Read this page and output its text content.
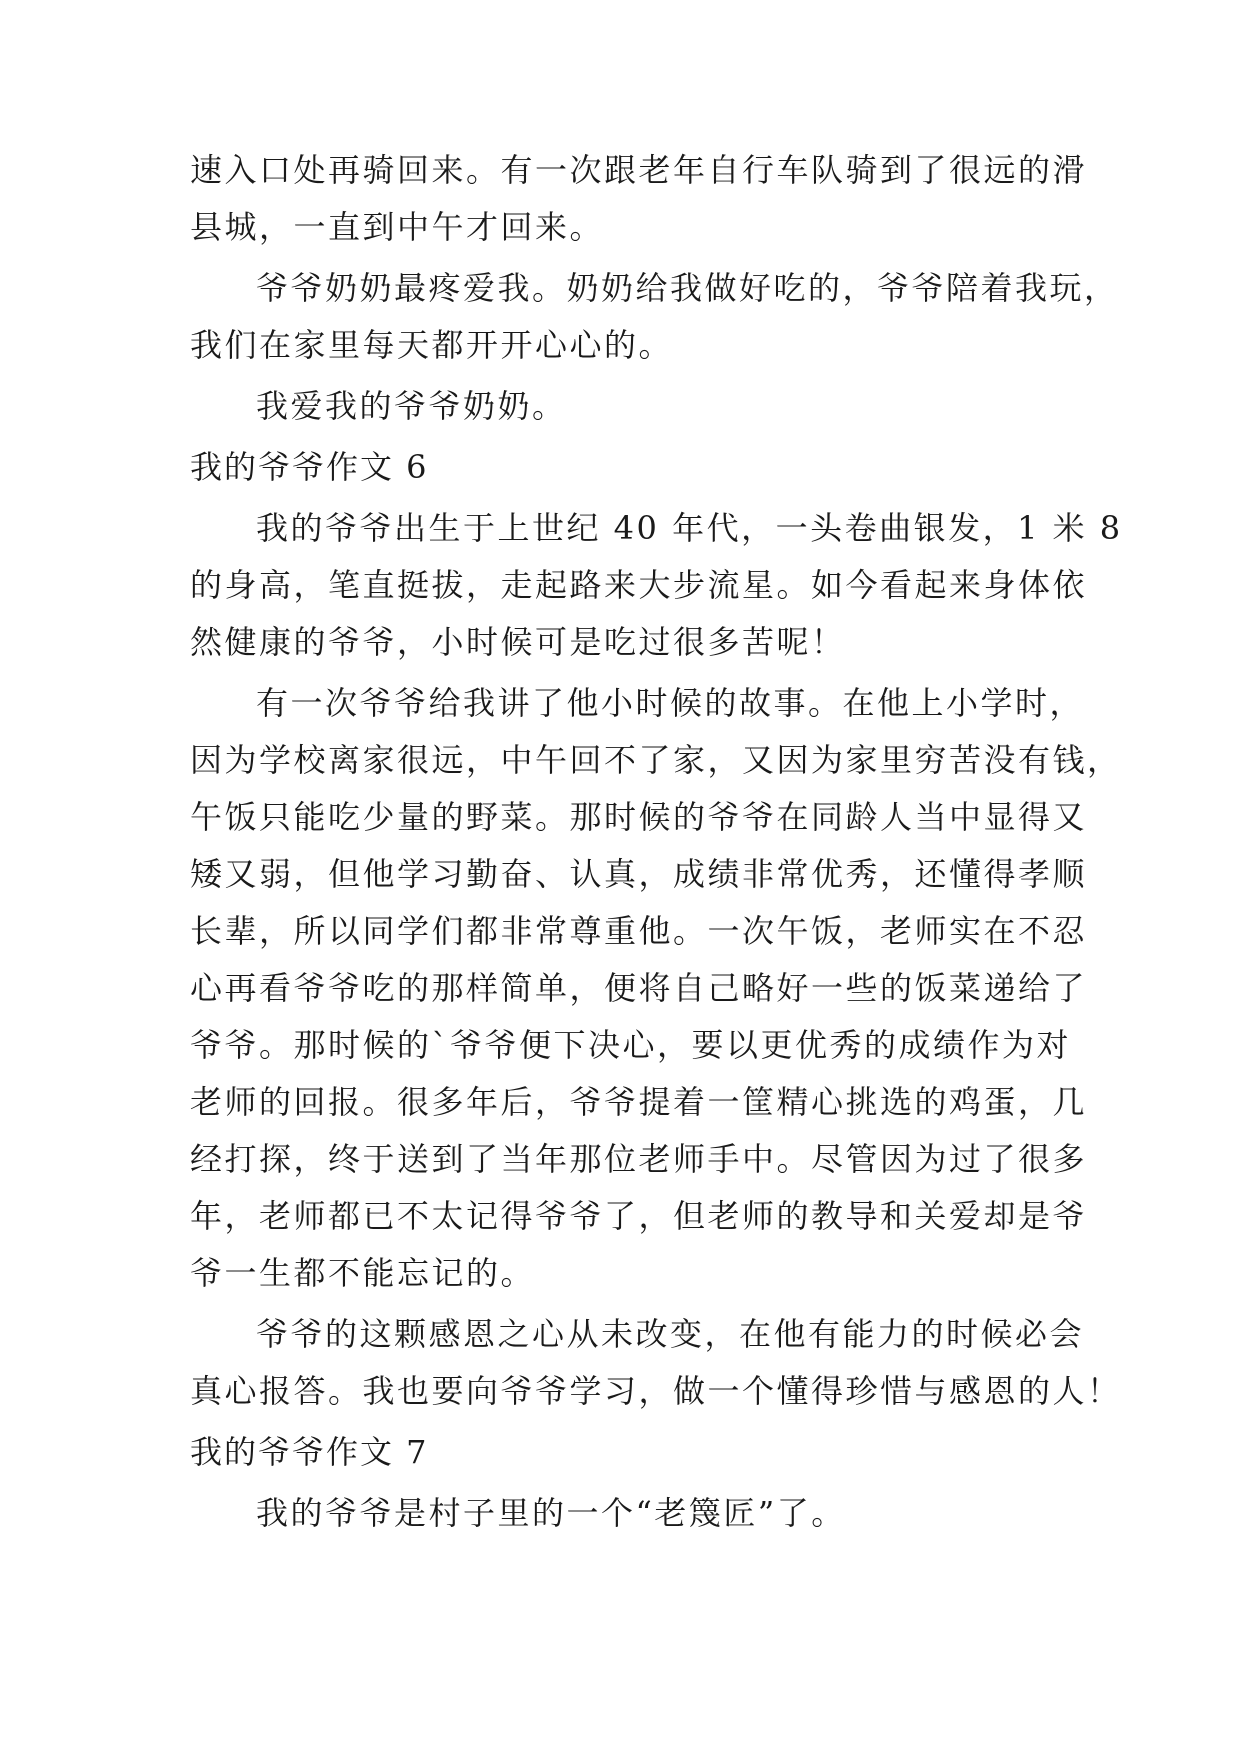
速入口处再骑回来。有一次跟老年自行车队骑到了很远的滑
县城，一直到中午才回来。
爷爷奶奶最疼爱我。奶奶给我做好吃的，爷爷陪着我玩，
我们在家里每天都开开心心的。
我爱我的爷爷奶奶。
我的爷爷作文 6
我的爷爷出生于上世纪 40 年代，一头卷曲银发，1 米 8
的身高，笔直挺拔，走起路来大步流星。如今看起来身体依
然健康的爷爷，小时候可是吃过很多苦呢！
有一次爷爷给我讲了他小时候的故事。在他上小学时，
因为学校离家很远，中午回不了家，又因为家里穷苦没有钱，
午饭只能吃少量的野菜。那时候的爷爷在同龄人当中显得又
矮又弱，但他学习勤奋、认真，成绩非常优秀，还懂得孝顺
长辈，所以同学们都非常尊重他。一次午饭，老师实在不忍
心再看爷爷吃的那样简单，便将自己略好一些的饭菜递给了
爷爷。那时候的`爷爷便下决心，要以更优秀的成绩作为对
老师的回报。很多年后，爷爷提着一筐精心挑选的鸡蛋，几
经打探，终于送到了当年那位老师手中。尽管因为过了很多
年，老师都已不太记得爷爷了，但老师的教导和关爱却是爷
爷一生都不能忘记的。
爷爷的这颗感恩之心从未改变，在他有能力的时候必会
真心报答。我也要向爷爷学习，做一个懂得珍惜与感恩的人！
我的爷爷作文 7
我的爷爷是村子里的一个“老篾匠”了。
